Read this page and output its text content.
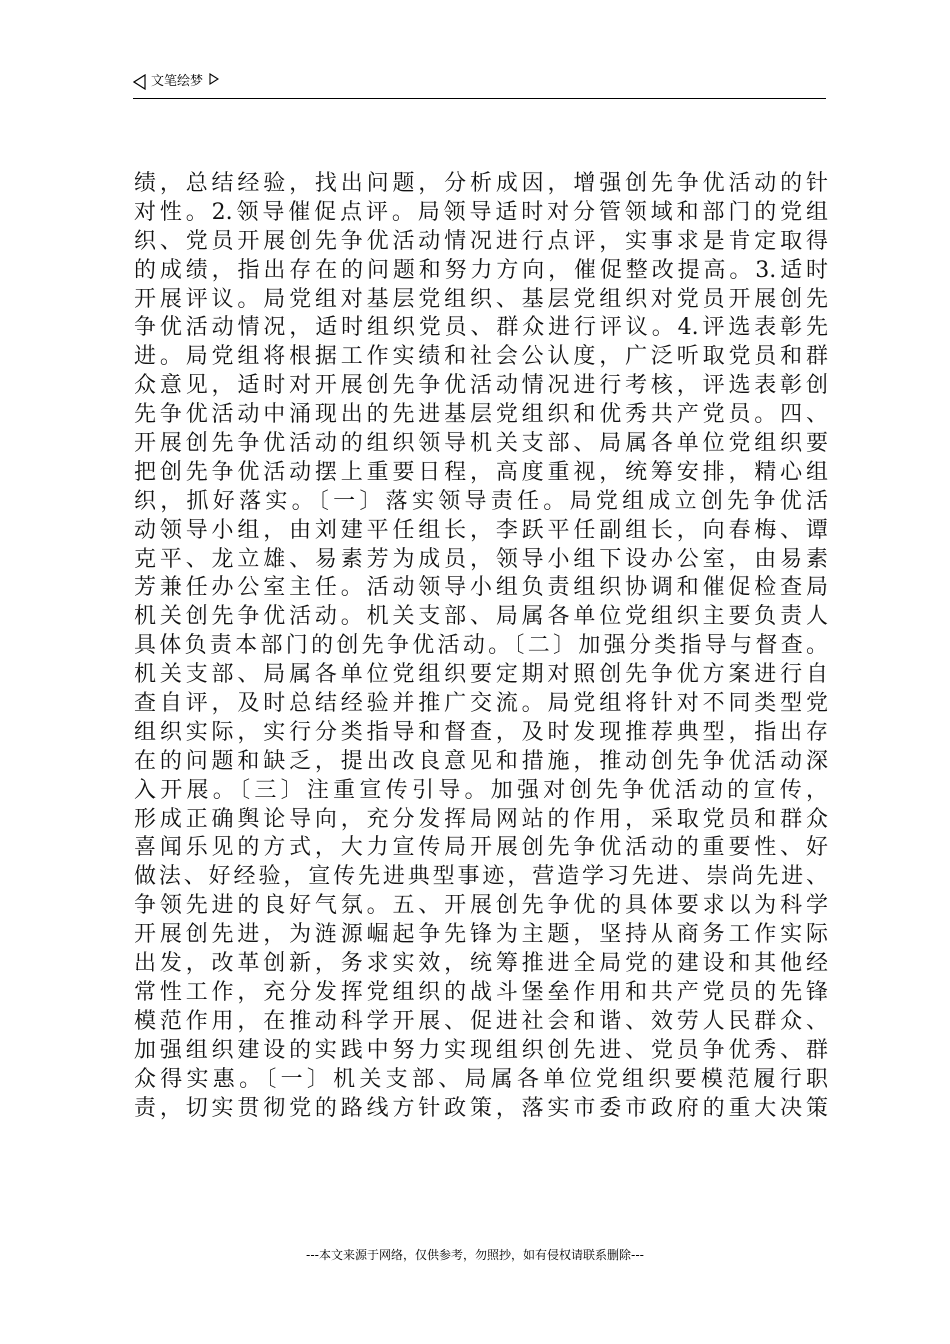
文笔绘梦
绩，总结经验，找出问题，分析成因，增强创先争优活动的针
对性。2.领导催促点评。局领导适时对分管领域和部门的党组
织、党员开展创先争优活动情况进行点评，实事求是肯定取得
的成绩，指出存在的问题和努力方向，催促整改提高。3.适时
开展评议。局党组对基层党组织、基层党组织对党员开展创先
争优活动情况，适时组织党员、群众进行评议。4.评选表彰先
进。局党组将根据工作实绩和社会公认度，广泛听取党员和群
众意见，适时对开展创先争优活动情况进行考核，评选表彰创
先争优活动中涌现出的先进基层党组织和优秀共产党员。四、
开展创先争优活动的组织领导机关支部、局属各单位党组织要
把创先争优活动摆上重要日程，高度重视，统筹安排，精心组
织，抓好落实。〔一〕落实领导责任。局党组成立创先争优活
动领导小组，由刘建平任组长，李跃平任副组长，向春梅、谭
克平、龙立雄、易素芳为成员，领导小组下设办公室，由易素
芳兼任办公室主任。活动领导小组负责组织协调和催促检查局
机关创先争优活动。机关支部、局属各单位党组织主要负责人
具体负责本部门的创先争优活动。〔二〕加强分类指导与督查。
机关支部、局属各单位党组织要定期对照创先争优方案进行自
查自评，及时总结经验并推广交流。局党组将针对不同类型党
组织实际，实行分类指导和督查，及时发现推荐典型，指出存
在的问题和缺乏，提出改良意见和措施，推动创先争优活动深
入开展。〔三〕注重宣传引导。加强对创先争优活动的宣传，
形成正确舆论导向，充分发挥局网站的作用，采取党员和群众
喜闻乐见的方式，大力宣传局开展创先争优活动的重要性、好
做法、好经验，宣传先进典型事迹，营造学习先进、崇尚先进、
争领先进的良好气氛。五、开展创先争优的具体要求以为科学
开展创先进，为涟源崛起争先锋为主题，坚持从商务工作实际
出发，改革创新，务求实效，统筹推进全局党的建设和其他经
常性工作，充分发挥党组织的战斗堡垒作用和共产党员的先锋
模范作用，在推动科学开展、促进社会和谐、效劳人民群众、
加强组织建设的实践中努力实现组织创先进、党员争优秀、群
众得实惠。〔一〕机关支部、局属各单位党组织要模范履行职
责，切实贯彻党的路线方针政策，落实市委市政府的重大决策
---本文来源于网络，仅供参考，勿照抄，如有侵权请联系删除---
